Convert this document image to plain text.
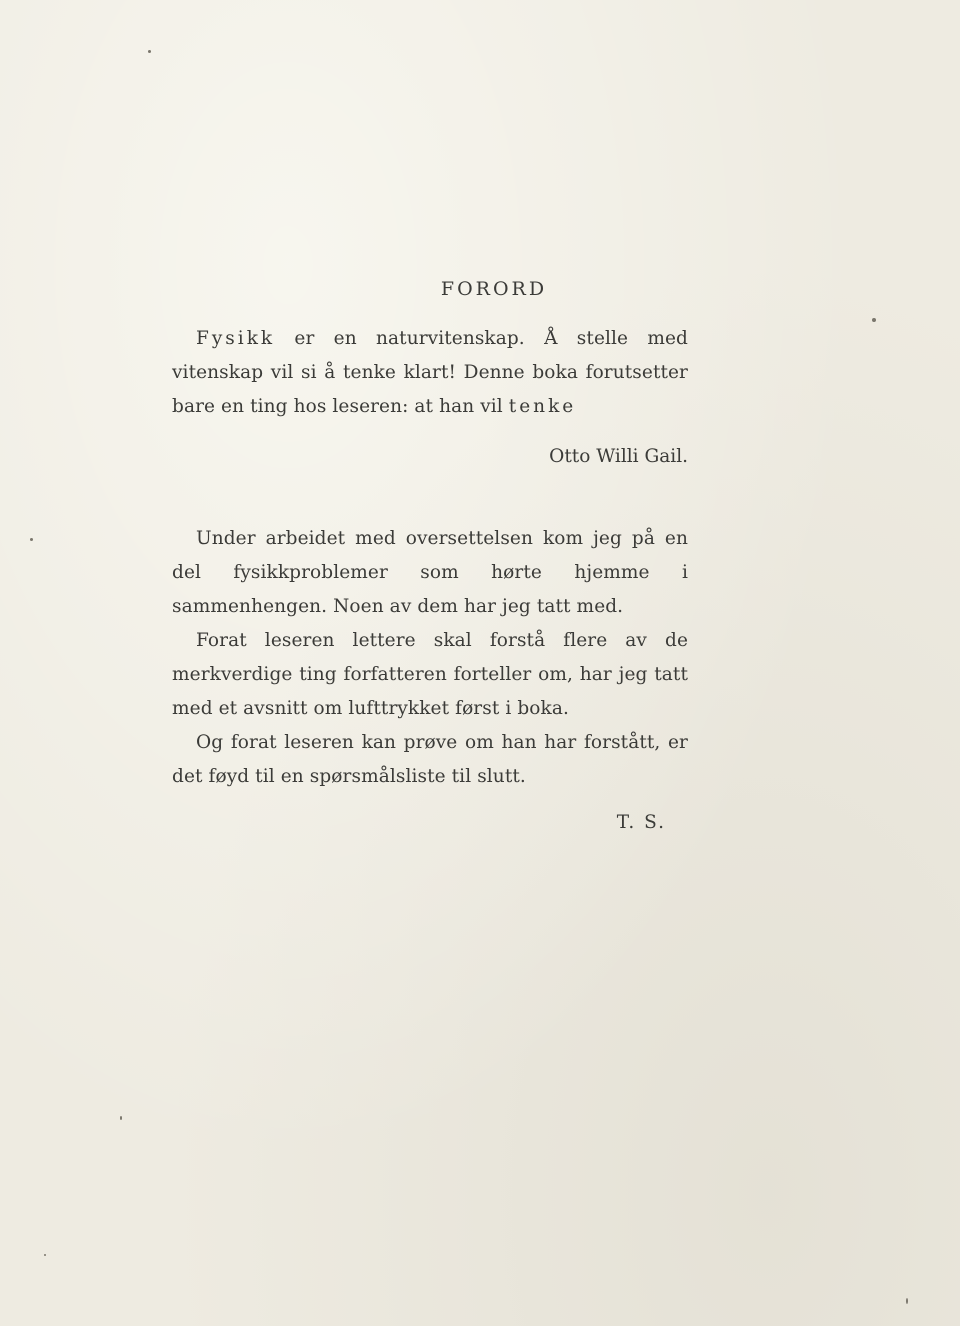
FORORD

Fysikk er en naturvitenskap. Å stelle med vitenskap vil si å tenke klart! Denne boka forutsetter bare en ting hos leseren: at han vil tenke

Otto Willi Gail.

Under arbeidet med oversettelsen kom jeg på en del fysikkproblemer som hørte hjemme i sammenhengen. Noen av dem har jeg tatt med.

Forat leseren lettere skal forstå flere av de merkverdige ting forfatteren forteller om, har jeg tatt med et avsnitt om lufttrykket først i boka.

Og forat leseren kan prøve om han har forstått, er det føyd til en spørsmålsliste til slutt.

T. S.
